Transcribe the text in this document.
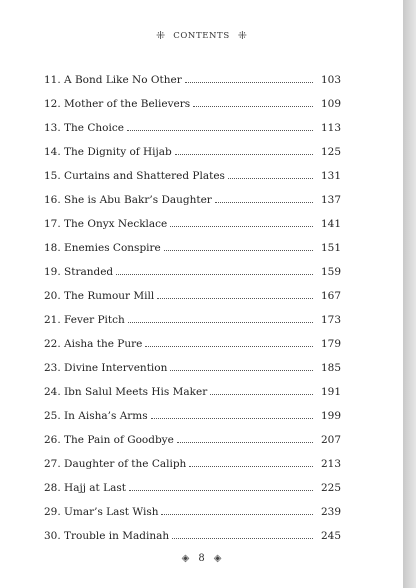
⁜ CONTENTS ⁜
11. A Bond Like No Other	103
12. Mother of the Believers	109
13. The Choice	113
14. The Dignity of Hijab	125
15. Curtains and Shattered Plates	131
16. She is Abu Bakr’s Daughter	137
17. The Onyx Necklace	141
18. Enemies Conspire	151
19. Stranded	159
20. The Rumour Mill	167
21. Fever Pitch	173
22. Aisha the Pure	179
23. Divine Intervention	185
24. Ibn Salul Meets His Maker	191
25. In Aisha’s Arms	199
26. The Pain of Goodbye	207
27. Daughter of the Caliph	213
28. Hajj at Last	225
29. Umar’s Last Wish	239
30. Trouble in Madinah	245
◈ 8 ◈
